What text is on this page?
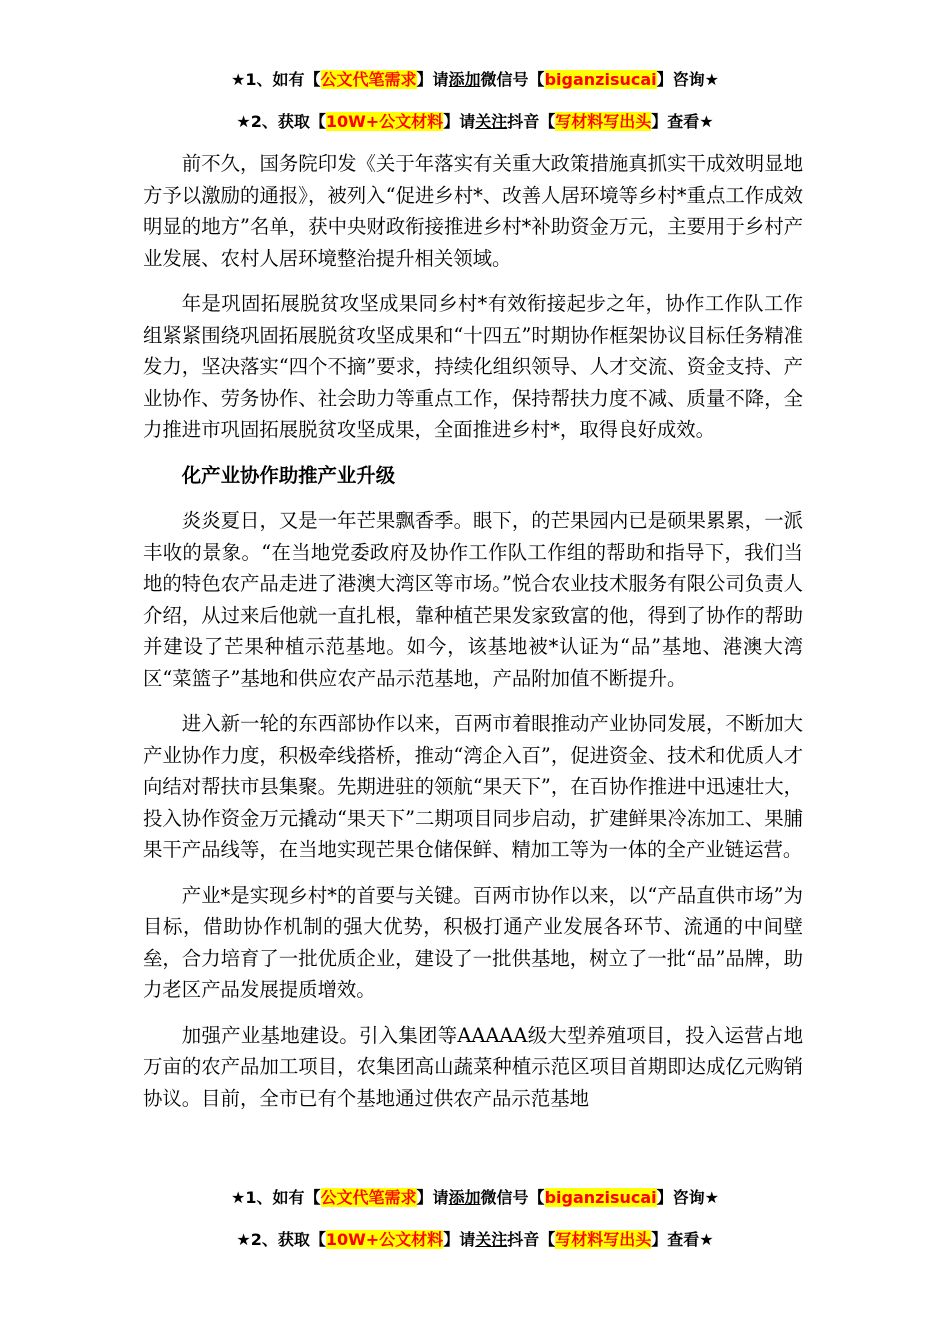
★1、如有【公文代笔需求】请添加微信号【biganzisucai】咨询★
★2、获取【10W+公文材料】请关注抖音【写材料写出头】查看★

前不久，国务院印发《关于年落实有关重大政策措施真抓实干成效明显地方予以激励的通报》，被列入“促进乡村*、改善人居环境等乡村*重点工作成效明显的地方”名单，获中央财政衔接推进乡村*补助资金万元，主要用于乡村产业发展、农村人居环境整治提升相关领域。

年是巩固拓展脱贫攻坚成果同乡村*有效衔接起步之年，协作工作队工作组紧紧围绕巩固拓展脱贫攻坚成果和“十四五”时期协作框架协议目标任务精准发力，坚决落实“四个不摘”要求，持续化组织领导、人才交流、资金支持、产业协作、劳务协作、社会助力等重点工作，保持帮扶力度不减、质量不降，全力推进市巩固拓展脱贫攻坚成果，全面推进乡村*，取得良好成效。

化产业协作助推产业升级

炎炎夏日，又是一年芒果飘香季。眼下，的芒果园内已是硕果累累，一派丰收的景象。“在当地党委政府及协作工作队工作组的帮助和指导下，我们当地的特色农产品走进了港澳大湾区等市场。”悦合农业技术服务有限公司负责人介绍，从过来后他就一直扎根，靠种植芒果发家致富的他，得到了协作的帮助并建设了芒果种植示范基地。如今，该基地被*认证为“品”基地、港澳大湾区“菜篮子”基地和供应农产品示范基地，产品附加值不断提升。

进入新一轮的东西部协作以来，百两市着眼推动产业协同发展，不断加大产业协作力度，积极牵线搭桥，推动“湾企入百”，促进资金、技术和优质人才向结对帮扶市县集聚。先期进驻的领航“果天下”，在百协作推进中迅速壮大，投入协作资金万元撬动“果天下”二期项目同步启动，扩建鲜果冷冻加工、果脯果干产品线等，在当地实现芒果仓储保鲜、精加工等为一体的全产业链运营。

产业*是实现乡村*的首要与关键。百两市协作以来，以“产品直供市场”为目标，借助协作机制的强大优势，积极打通产业发展各环节、流通的中间壁垒，合力培育了一批优质企业，建设了一批供基地，树立了一批“品”品牌，助力老区产品发展提质增效。

加强产业基地建设。引入集团等AAAAA级大型养殖项目，投入运营占地万亩的农产品加工项目，农集团高山蔬菜种植示范区项目首期即达成亿元购销协议。目前，全市已有个基地通过供农产品示范基地

★1、如有【公文代笔需求】请添加微信号【biganzisucai】咨询★
★2、获取【10W+公文材料】请关注抖音【写材料写出头】查看★
